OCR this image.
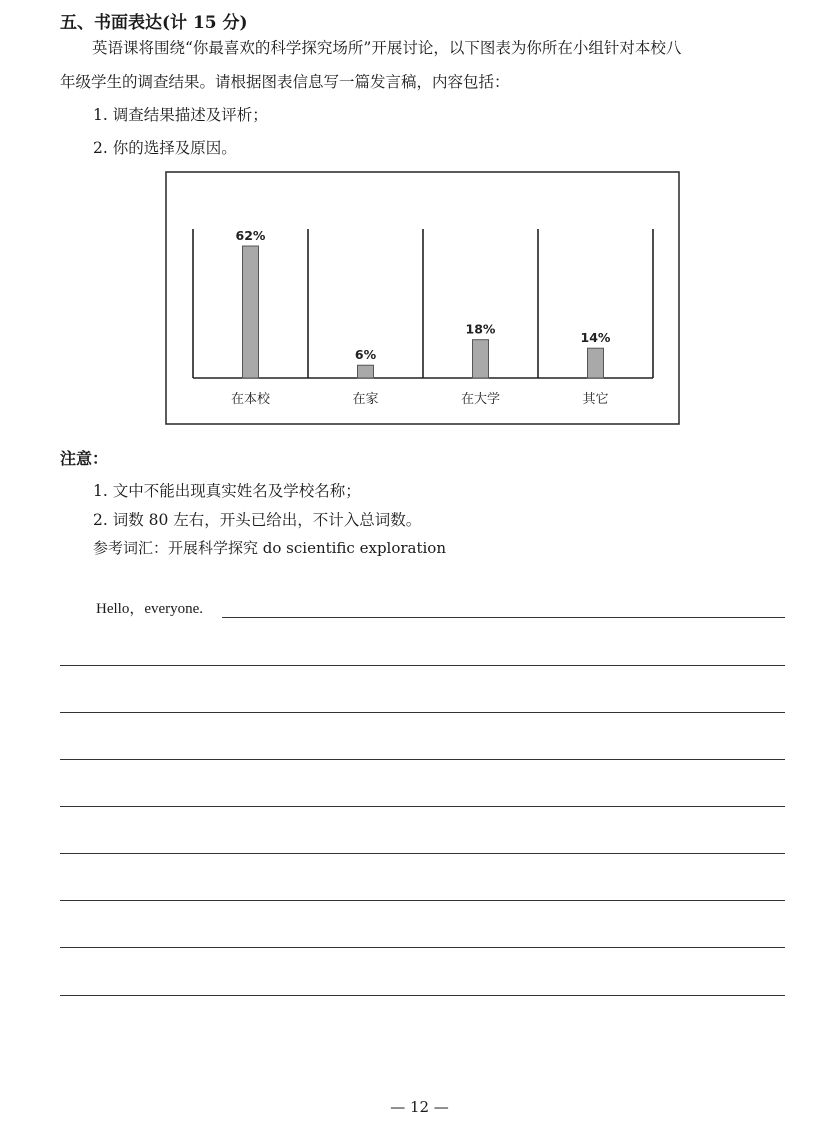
五、书面表达(计 15 分)
英语课将围绕“你最喜欢的科学探究场所”开展讨论，以下图表为你所在小组针对本校八
年级学生的调查结果。请根据图表信息写一篇发言稿，内容包括：
1. 调查结果描述及评析；
2. 你的选择及原因。
62%
在本校
6%
在家
18%
在大学
14%
其它
注意：
1. 文中不能出现真实姓名及学校名称；
2. 词数 80 左右，开头已给出，不计入总词数。
参考词汇：开展科学探究 do scientific exploration
Hello，everyone.
— 12 —
